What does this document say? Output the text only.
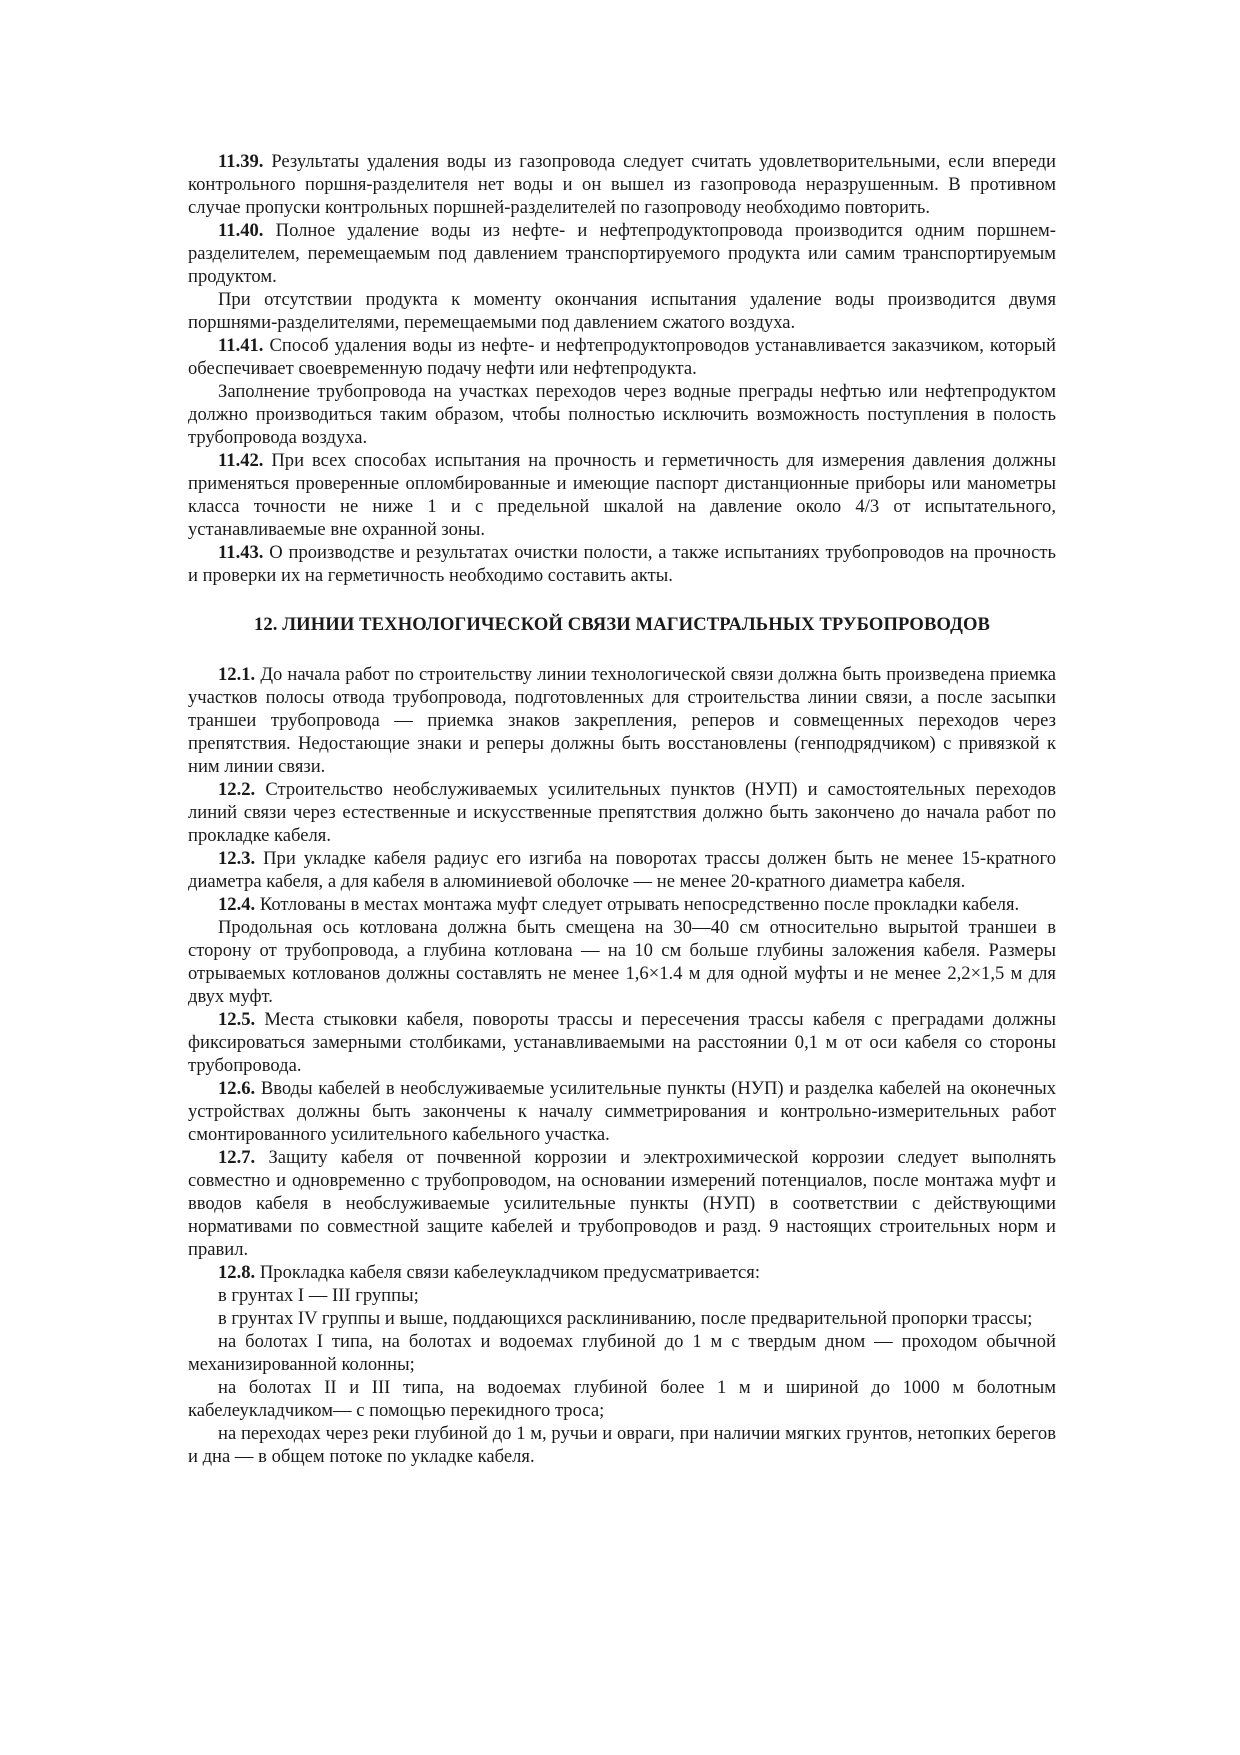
11.39. Результаты удаления воды из газопровода следует считать удовлетворительными, если впереди контрольного поршня-разделителя нет воды и он вышел из газопровода неразрушенным. В противном случае пропуски контрольных поршней-разделителей по газопроводу необходимо повторить.

11.40. Полное удаление воды из нефте- и нефтепродуктопровода производится одним поршнем-разделителем, перемещаемым под давлением транспортируемого продукта или самим транспортируемым продуктом.

При отсутствии продукта к моменту окончания испытания удаление воды производится двумя поршнями-разделителями, перемещаемыми под давлением сжатого воздуха.

11.41. Способ удаления воды из нефте- и нефтепродуктопроводов устанавливается заказчиком, который обеспечивает своевременную подачу нефти или нефтепродукта.

Заполнение трубопровода на участках переходов через водные преграды нефтью или нефтепродуктом должно производиться таким образом, чтобы полностью исключить возможность поступления в полость трубопровода воздуха.

11.42. При всех способах испытания на прочность и герметичность для измерения давления должны применяться проверенные опломбированные и имеющие паспорт дистанционные приборы или манометры класса точности не ниже 1 и с предельной шкалой на давление около 4/3 от испытательного, устанавливаемые вне охранной зоны.

11.43. О производстве и результатах очистки полости, а также испытаниях трубопроводов на прочность и проверки их на герметичность необходимо составить акты.

12. ЛИНИИ ТЕХНОЛОГИЧЕСКОЙ СВЯЗИ МАГИСТРАЛЬНЫХ ТРУБОПРОВОДОВ

12.1. До начала работ по строительству линии технологической связи должна быть произведена приемка участков полосы отвода трубопровода, подготовленных для строительства линии связи, а после засыпки траншеи трубопровода — приемка знаков закрепления, реперов и совмещенных переходов через препятствия. Недостающие знаки и реперы должны быть восстановлены (генподрядчиком) с привязкой к ним линии связи.

12.2. Строительство необслуживаемых усилительных пунктов (НУП) и самостоятельных переходов линий связи через естественные и искусственные препятствия должно быть закончено до начала работ по прокладке кабеля.

12.3. При укладке кабеля радиус его изгиба на поворотах трассы должен быть не менее 15-кратного диаметра кабеля, а для кабеля в алюминиевой оболочке — не менее 20-кратного диаметра кабеля.

12.4. Котлованы в местах монтажа муфт следует отрывать непосредственно после прокладки кабеля.

Продольная ось котлована должна быть смещена на 30—40 см относительно вырытой траншеи в сторону от трубопровода, а глубина котлована — на 10 см больше глубины заложения кабеля. Размеры отрываемых котлованов должны составлять не менее 1,6×1.4 м для одной муфты и не менее 2,2×1,5 м для двух муфт.

12.5. Места стыковки кабеля, повороты трассы и пересечения трассы кабеля с преградами должны фиксироваться замерными столбиками, устанавливаемыми на расстоянии 0,1 м от оси кабеля со стороны трубопровода.

12.6. Вводы кабелей в необслуживаемые усилительные пункты (НУП) и разделка кабелей на оконечных устройствах должны быть закончены к началу симметрирования и контрольно-измерительных работ смонтированного усилительного кабельного участка.

12.7. Защиту кабеля от почвенной коррозии и электрохимической коррозии следует выполнять совместно и одновременно с трубопроводом, на основании измерений потенциалов, после монтажа муфт и вводов кабеля в необслуживаемые усилительные пункты (НУП) в соответствии с действующими нормативами по совместной защите кабелей и трубопроводов и разд. 9 настоящих строительных норм и правил.

12.8. Прокладка кабеля связи кабелеукладчиком предусматривается:

в грунтах I — III группы;

в грунтах IV группы и выше, поддающихся расклиниванию, после предварительной пропорки трассы;

на болотах I типа, на болотах и водоемах глубиной до 1 м с твердым дном — проходом обычной механизированной колонны;

на болотах II и III типа, на водоемах глубиной более 1 м и шириной до 1000 м болотным кабелеукладчиком— с помощью перекидного троса;

на переходах через реки глубиной до 1 м, ручьи и овраги, при наличии мягких грунтов, нетопких берегов и дна — в общем потоке по укладке кабеля.
